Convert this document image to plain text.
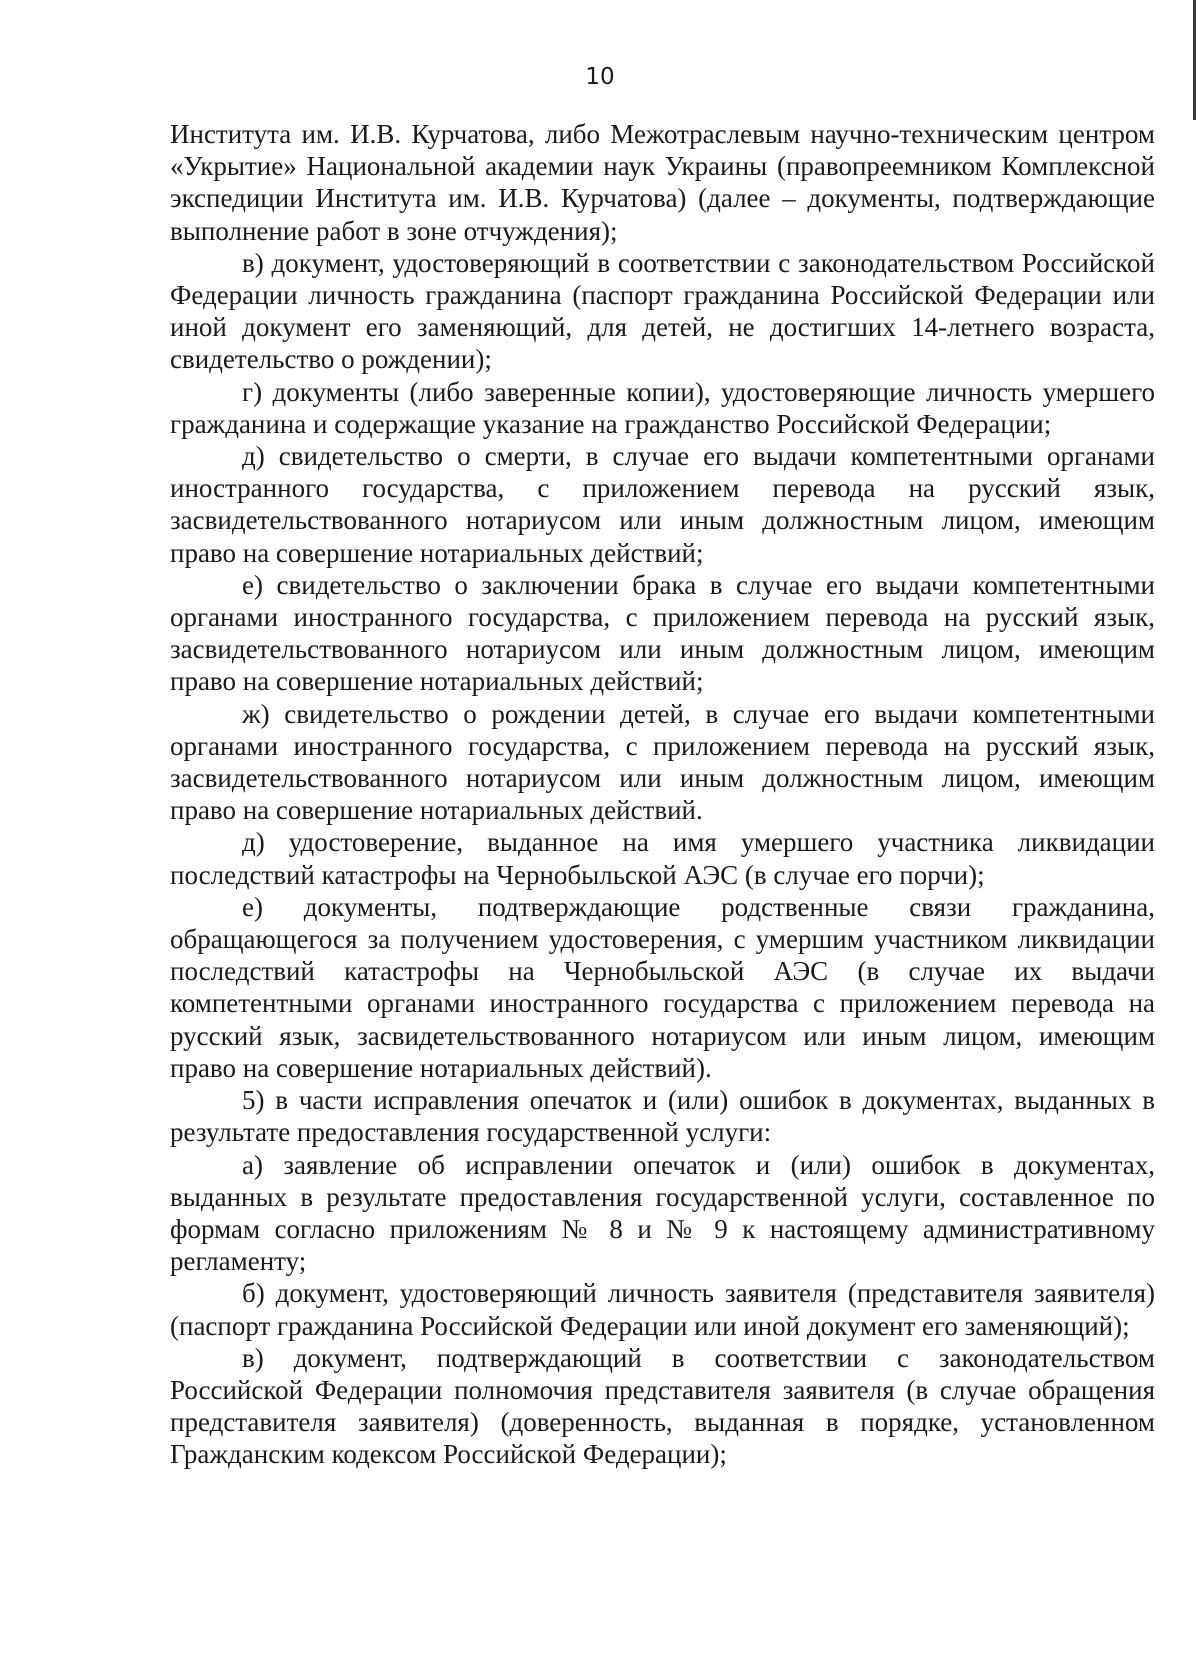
10

Института им. И.В. Курчатова, либо Межотраслевым научно-техническим центром «Укрытие» Национальной академии наук Украины (правопреемником Комплексной экспедиции Института им. И.В. Курчатова) (далее – документы, подтверждающие выполнение работ в зоне отчуждения);

в) документ, удостоверяющий в соответствии с законодательством Российской Федерации личность гражданина (паспорт гражданина Российской Федерации или иной документ его заменяющий, для детей, не достигших 14-летнего возраста, свидетельство о рождении);

г) документы (либо заверенные копии), удостоверяющие личность умершего гражданина и содержащие указание на гражданство Российской Федерации;

д) свидетельство о смерти, в случае его выдачи компетентными органами иностранного государства, с приложением перевода на русский язык, засвидетельствованного нотариусом или иным должностным лицом, имеющим право на совершение нотариальных действий;

е) свидетельство о заключении брака в случае его выдачи компетентными органами иностранного государства, с приложением перевода на русский язык, засвидетельствованного нотариусом или иным должностным лицом, имеющим право на совершение нотариальных действий;

ж) свидетельство о рождении детей, в случае его выдачи компетентными органами иностранного государства, с приложением перевода на русский язык, засвидетельствованного нотариусом или иным должностным лицом, имеющим право на совершение нотариальных действий.

д) удостоверение, выданное на имя умершего участника ликвидации последствий катастрофы на Чернобыльской АЭС (в случае его порчи);

е) документы, подтверждающие родственные связи гражданина, обращающегося за получением удостоверения, с умершим участником ликвидации последствий катастрофы на Чернобыльской АЭС (в случае их выдачи компетентными органами иностранного государства с приложением перевода на русский язык, засвидетельствованного нотариусом или иным лицом, имеющим право на совершение нотариальных действий).

5) в части исправления опечаток и (или) ошибок в документах, выданных в результате предоставления государственной услуги:

а) заявление об исправлении опечаток и (или) ошибок в документах, выданных в результате предоставления государственной услуги, составленное по формам согласно приложениям № 8 и № 9 к настоящему административному регламенту;

б) документ, удостоверяющий личность заявителя (представителя заявителя) (паспорт гражданина Российской Федерации или иной документ его заменяющий);

в) документ, подтверждающий в соответствии с законодательством Российской Федерации полномочия представителя заявителя (в случае обращения представителя заявителя) (доверенность, выданная в порядке, установленном Гражданским кодексом Российской Федерации);
